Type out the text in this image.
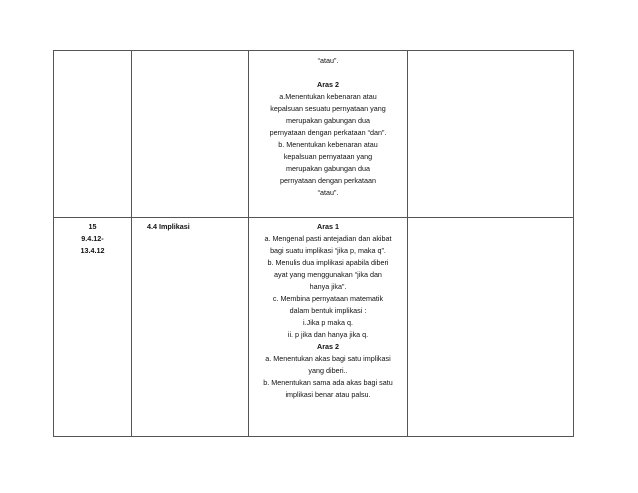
“atau”.

Aras 2
a.Menentukan kebenaran atau
kepalsuan sesuatu pernyataan yang
merupakan gabungan dua
pernyataan dengan perkataan “dan”.
b. Menentukan kebenaran atau
kepalsuan pernyataan yang
merupakan gabungan dua
pernyataan dengan perkataan
“atau”.
15
9.4.12-
13.4.12
4.4 Implikasi	Aras 1
a. Mengenal pasti antejadian dan akibat
bagi suatu implikasi “jika p, maka q”.
b. Menulis dua implikasi apabila diberi
ayat yang menggunakan “jika dan
hanya jika”.
c. Membina pernyataan matematik
dalam bentuk implikasi :
i.Jika p maka q.
ii. p jika dan hanya jika q.
Aras 2
a. Menentukan akas bagi satu implikasi
yang diberi..
b. Menentukan sama ada akas bagi satu
implikasi benar atau palsu.
